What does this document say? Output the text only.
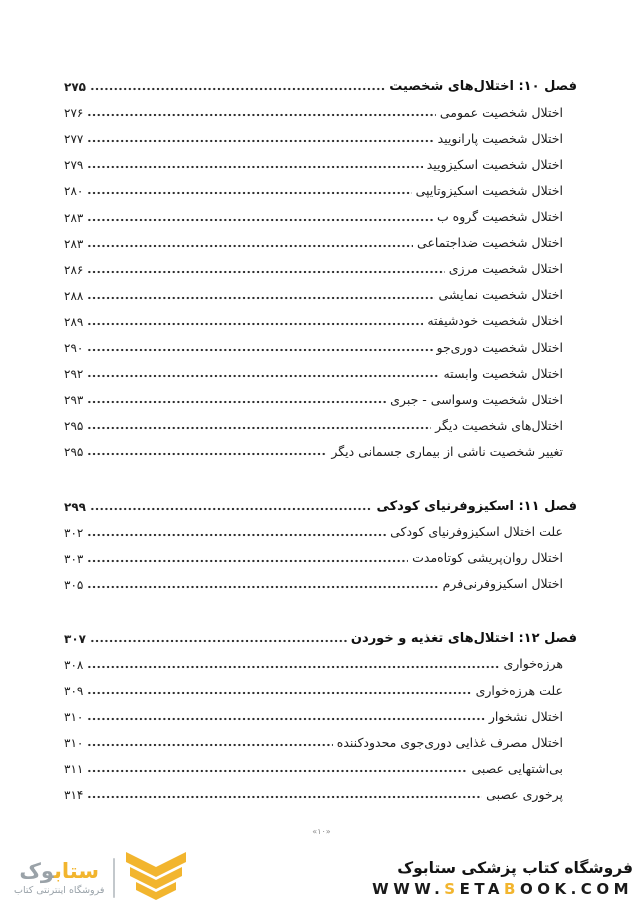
فصل ۱۰: اختلال‌های شخصیت
۲۷۵
اختلال شخصیت عمومی
۲۷۶
اختلال شخصیت پارانویید
۲۷۷
اختلال شخصیت اسکیزویید
۲۷۹
اختلال شخصیت اسکیزوتایپی
۲۸۰
اختلال شخصیت گروه ب
۲۸۳
اختلال شخصیت ضداجتماعی
۲۸۳
اختلال شخصیت مرزی
۲۸۶
اختلال شخصیت نمایشی
۲۸۸
اختلال شخصیت خودشیفته
۲۸۹
اختلال شخصیت دوری‌جو
۲۹۰
اختلال شخصیت وابسته
۲۹۲
اختلال شخصیت وسواسی - جبری
۲۹۳
اختلال‌های شخصیت دیگر
۲۹۵
تغییر شخصیت ناشی از بیماری جسمانی دیگر
۲۹۵
فصل ۱۱: اسکیزوفرنیای کودکی
۲۹۹
علت اختلال اسکیزوفرنیای کودکی
۳۰۲
اختلال روان‌پریشی کوتاه‌مدت
۳۰۳
اختلال اسکیزوفرنی‌فرم
۳۰۵
فصل ۱۲: اختلال‌های تغذیه و خوردن
۳۰۷
هرزه‌خواری
۳۰۸
علت هرزه‌خواری
۳۰۹
اختلال نشخوار
۳۱۰
اختلال مصرف غذایی دوری‌جوی محدودکننده
۳۱۰
بی‌اشتهایی عصبی
۳۱۱
پرخوری عصبی
۳۱۴
«۱۰»
ستابوک
فروشگاه اینترنتی کتاب
فروشگاه کتاب پزشکی ستابوک
WWW.SETABOOK.COM
